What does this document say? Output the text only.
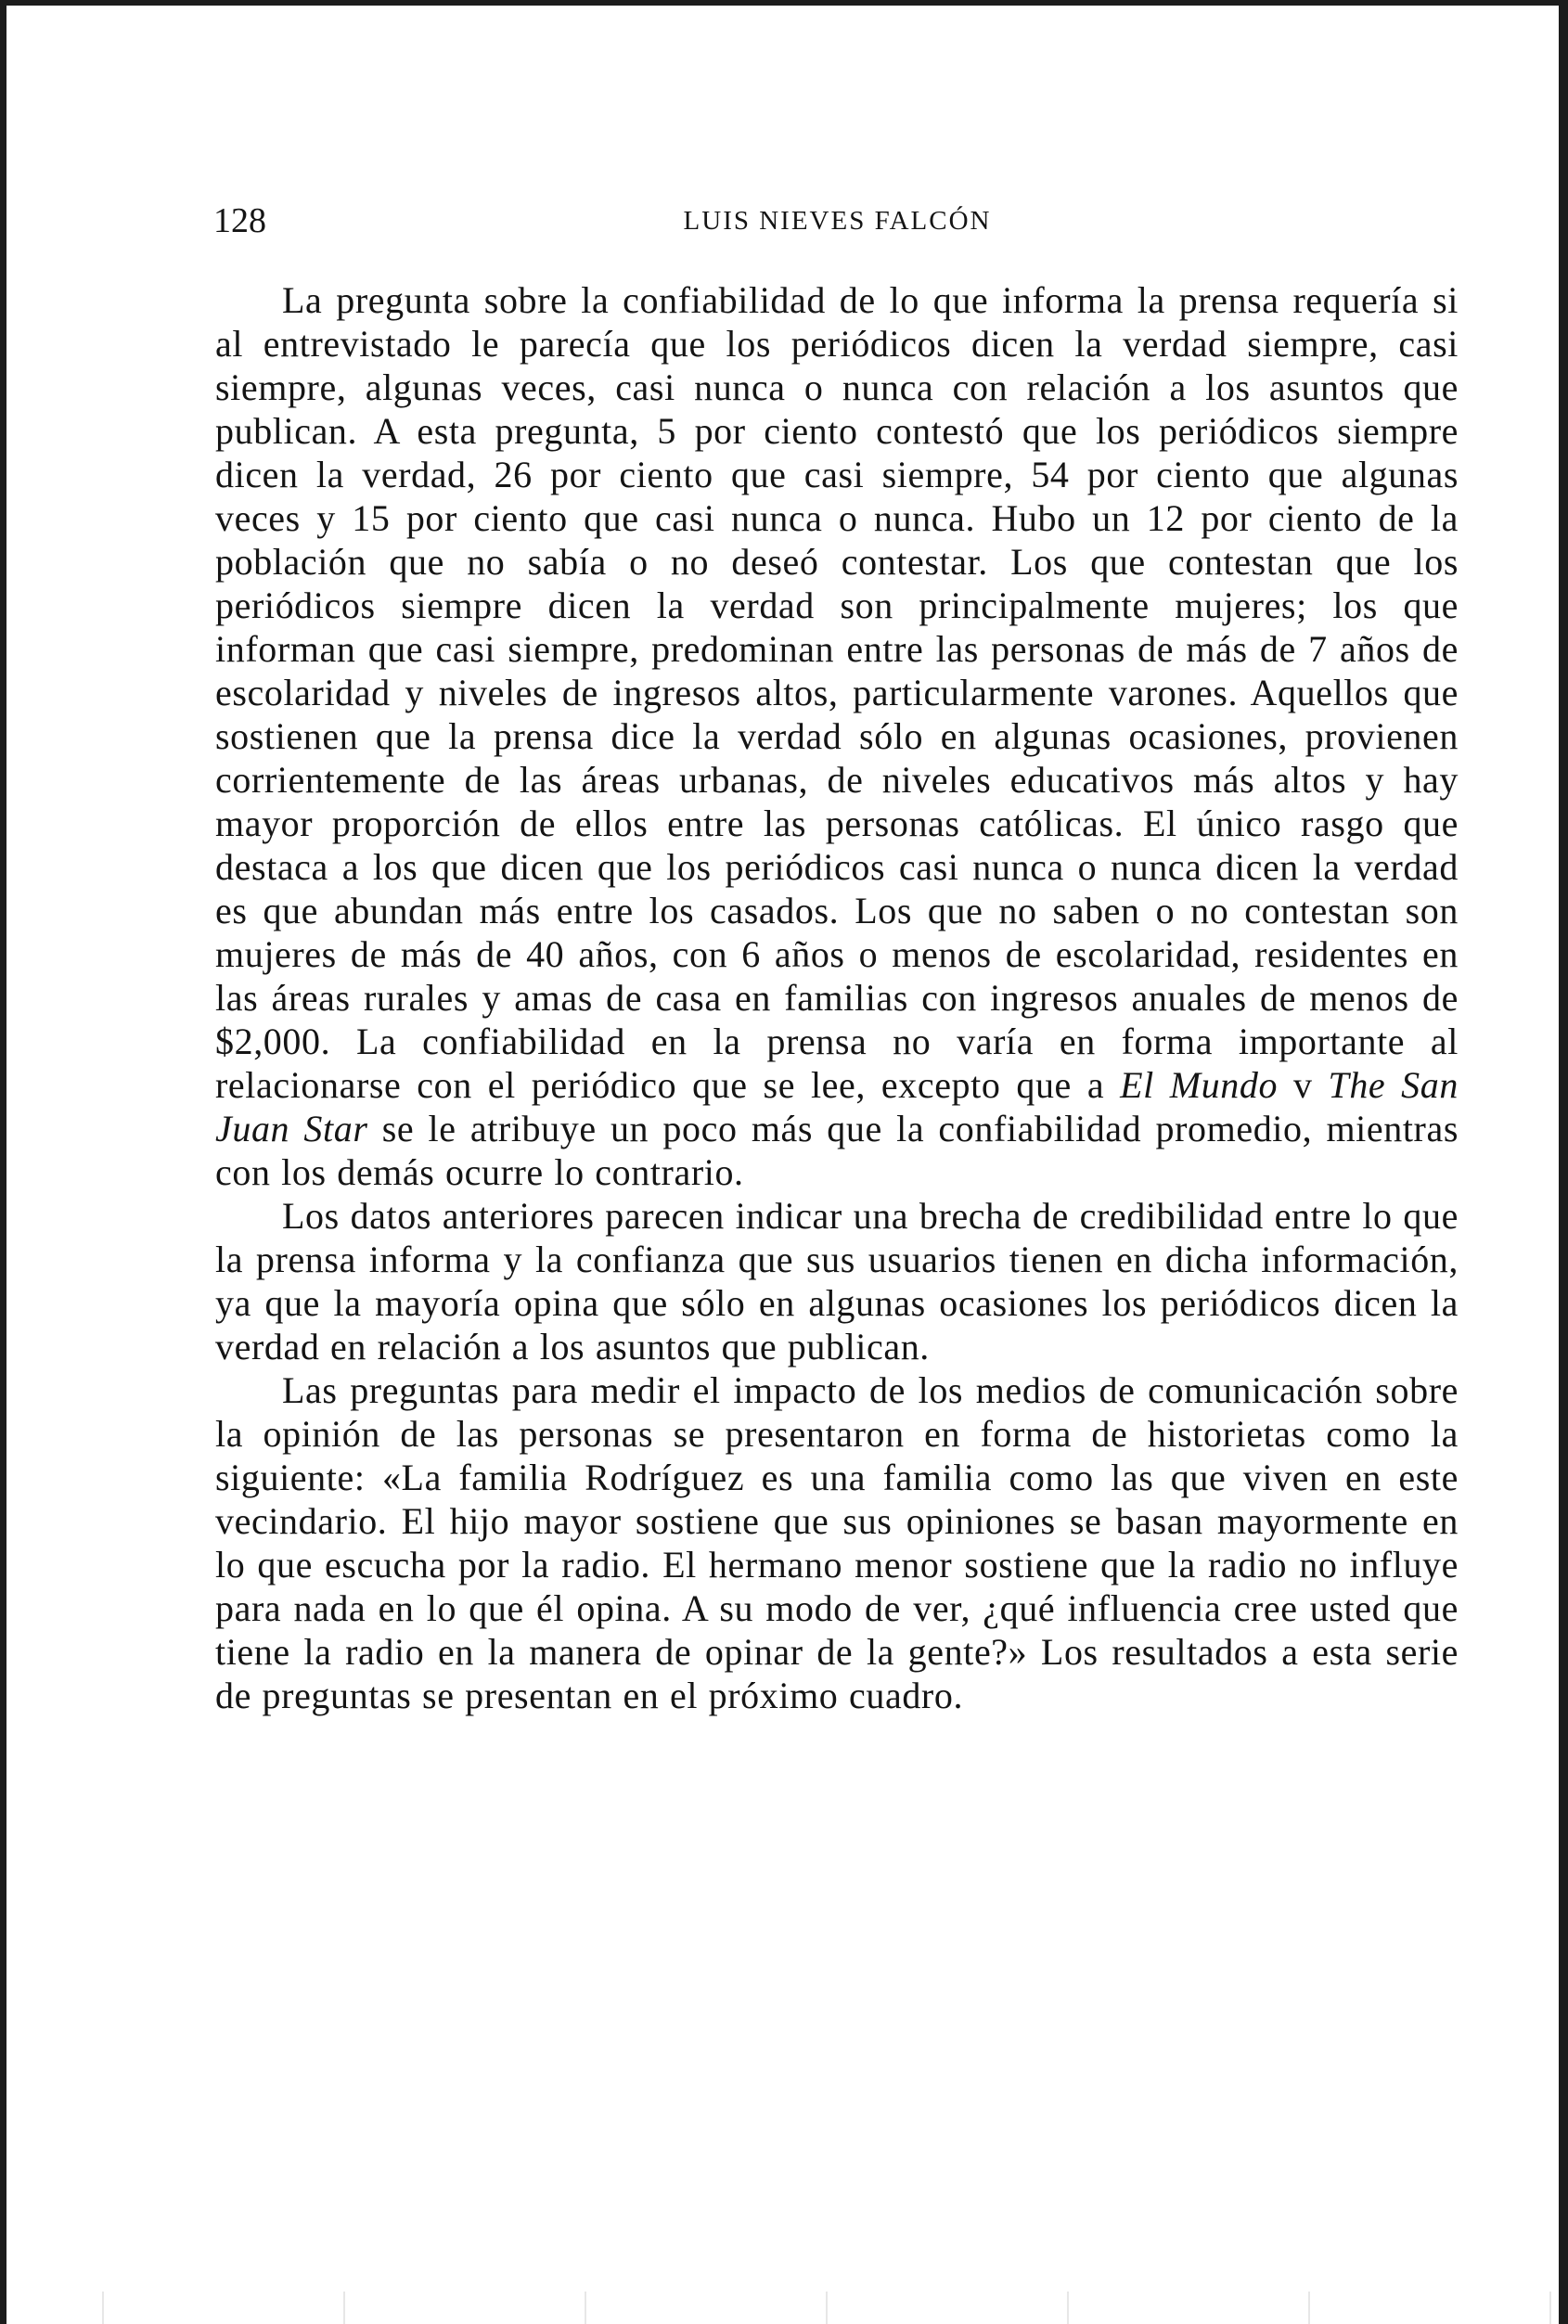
128	LUIS NIEVES FALCÓN

La pregunta sobre la confiabilidad de lo que informa la prensa requería si al entrevistado le parecía que los periódicos dicen la verdad siempre, casi siempre, algunas veces, casi nunca o nunca con relación a los asuntos que publican. A esta pregunta, 5 por ciento contestó que los periódicos siempre dicen la verdad, 26 por ciento que casi siempre, 54 por ciento que algunas veces y 15 por ciento que casi nunca o nunca. Hubo un 12 por ciento de la población que no sabía o no deseó contestar. Los que contestan que los periódicos siempre dicen la verdad son principalmente mujeres; los que informan que casi siempre, predominan entre las personas de más de 7 años de escolaridad y niveles de ingresos altos, particularmente varones. Aquellos que sostienen que la prensa dice la verdad sólo en algunas ocasiones, provienen corrientemente de las áreas urbanas, de niveles educativos más altos y hay mayor proporción de ellos entre las personas católicas. El único rasgo que destaca a los que dicen que los periódicos casi nunca o nunca dicen la verdad es que abundan más entre los casados. Los que no saben o no contestan son mujeres de más de 40 años, con 6 años o menos de escolaridad, residentes en las áreas rurales y amas de casa en familias con ingresos anuales de menos de $2,000. La confiabilidad en la prensa no varía en forma importante al relacionarse con el periódico que se lee, excepto que a El Mundo v The San Juan Star se le atribuye un poco más que la confiabilidad promedio, mientras con los demás ocurre lo contrario.

Los datos anteriores parecen indicar una brecha de credibilidad entre lo que la prensa informa y la confianza que sus usuarios tienen en dicha información, ya que la mayoría opina que sólo en algunas ocasiones los periódicos dicen la verdad en relación a los asuntos que publican.

Las preguntas para medir el impacto de los medios de comunicación sobre la opinión de las personas se presentaron en forma de historietas como la siguiente: «La familia Rodríguez es una familia como las que viven en este vecindario. El hijo mayor sostiene que sus opiniones se basan mayormente en lo que escucha por la radio. El hermano menor sostiene que la radio no influye para nada en lo que él opina. A su modo de ver, ¿qué influencia cree usted que tiene la radio en la manera de opinar de la gente?» Los resultados a esta serie de preguntas se presentan en el próximo cuadro.
